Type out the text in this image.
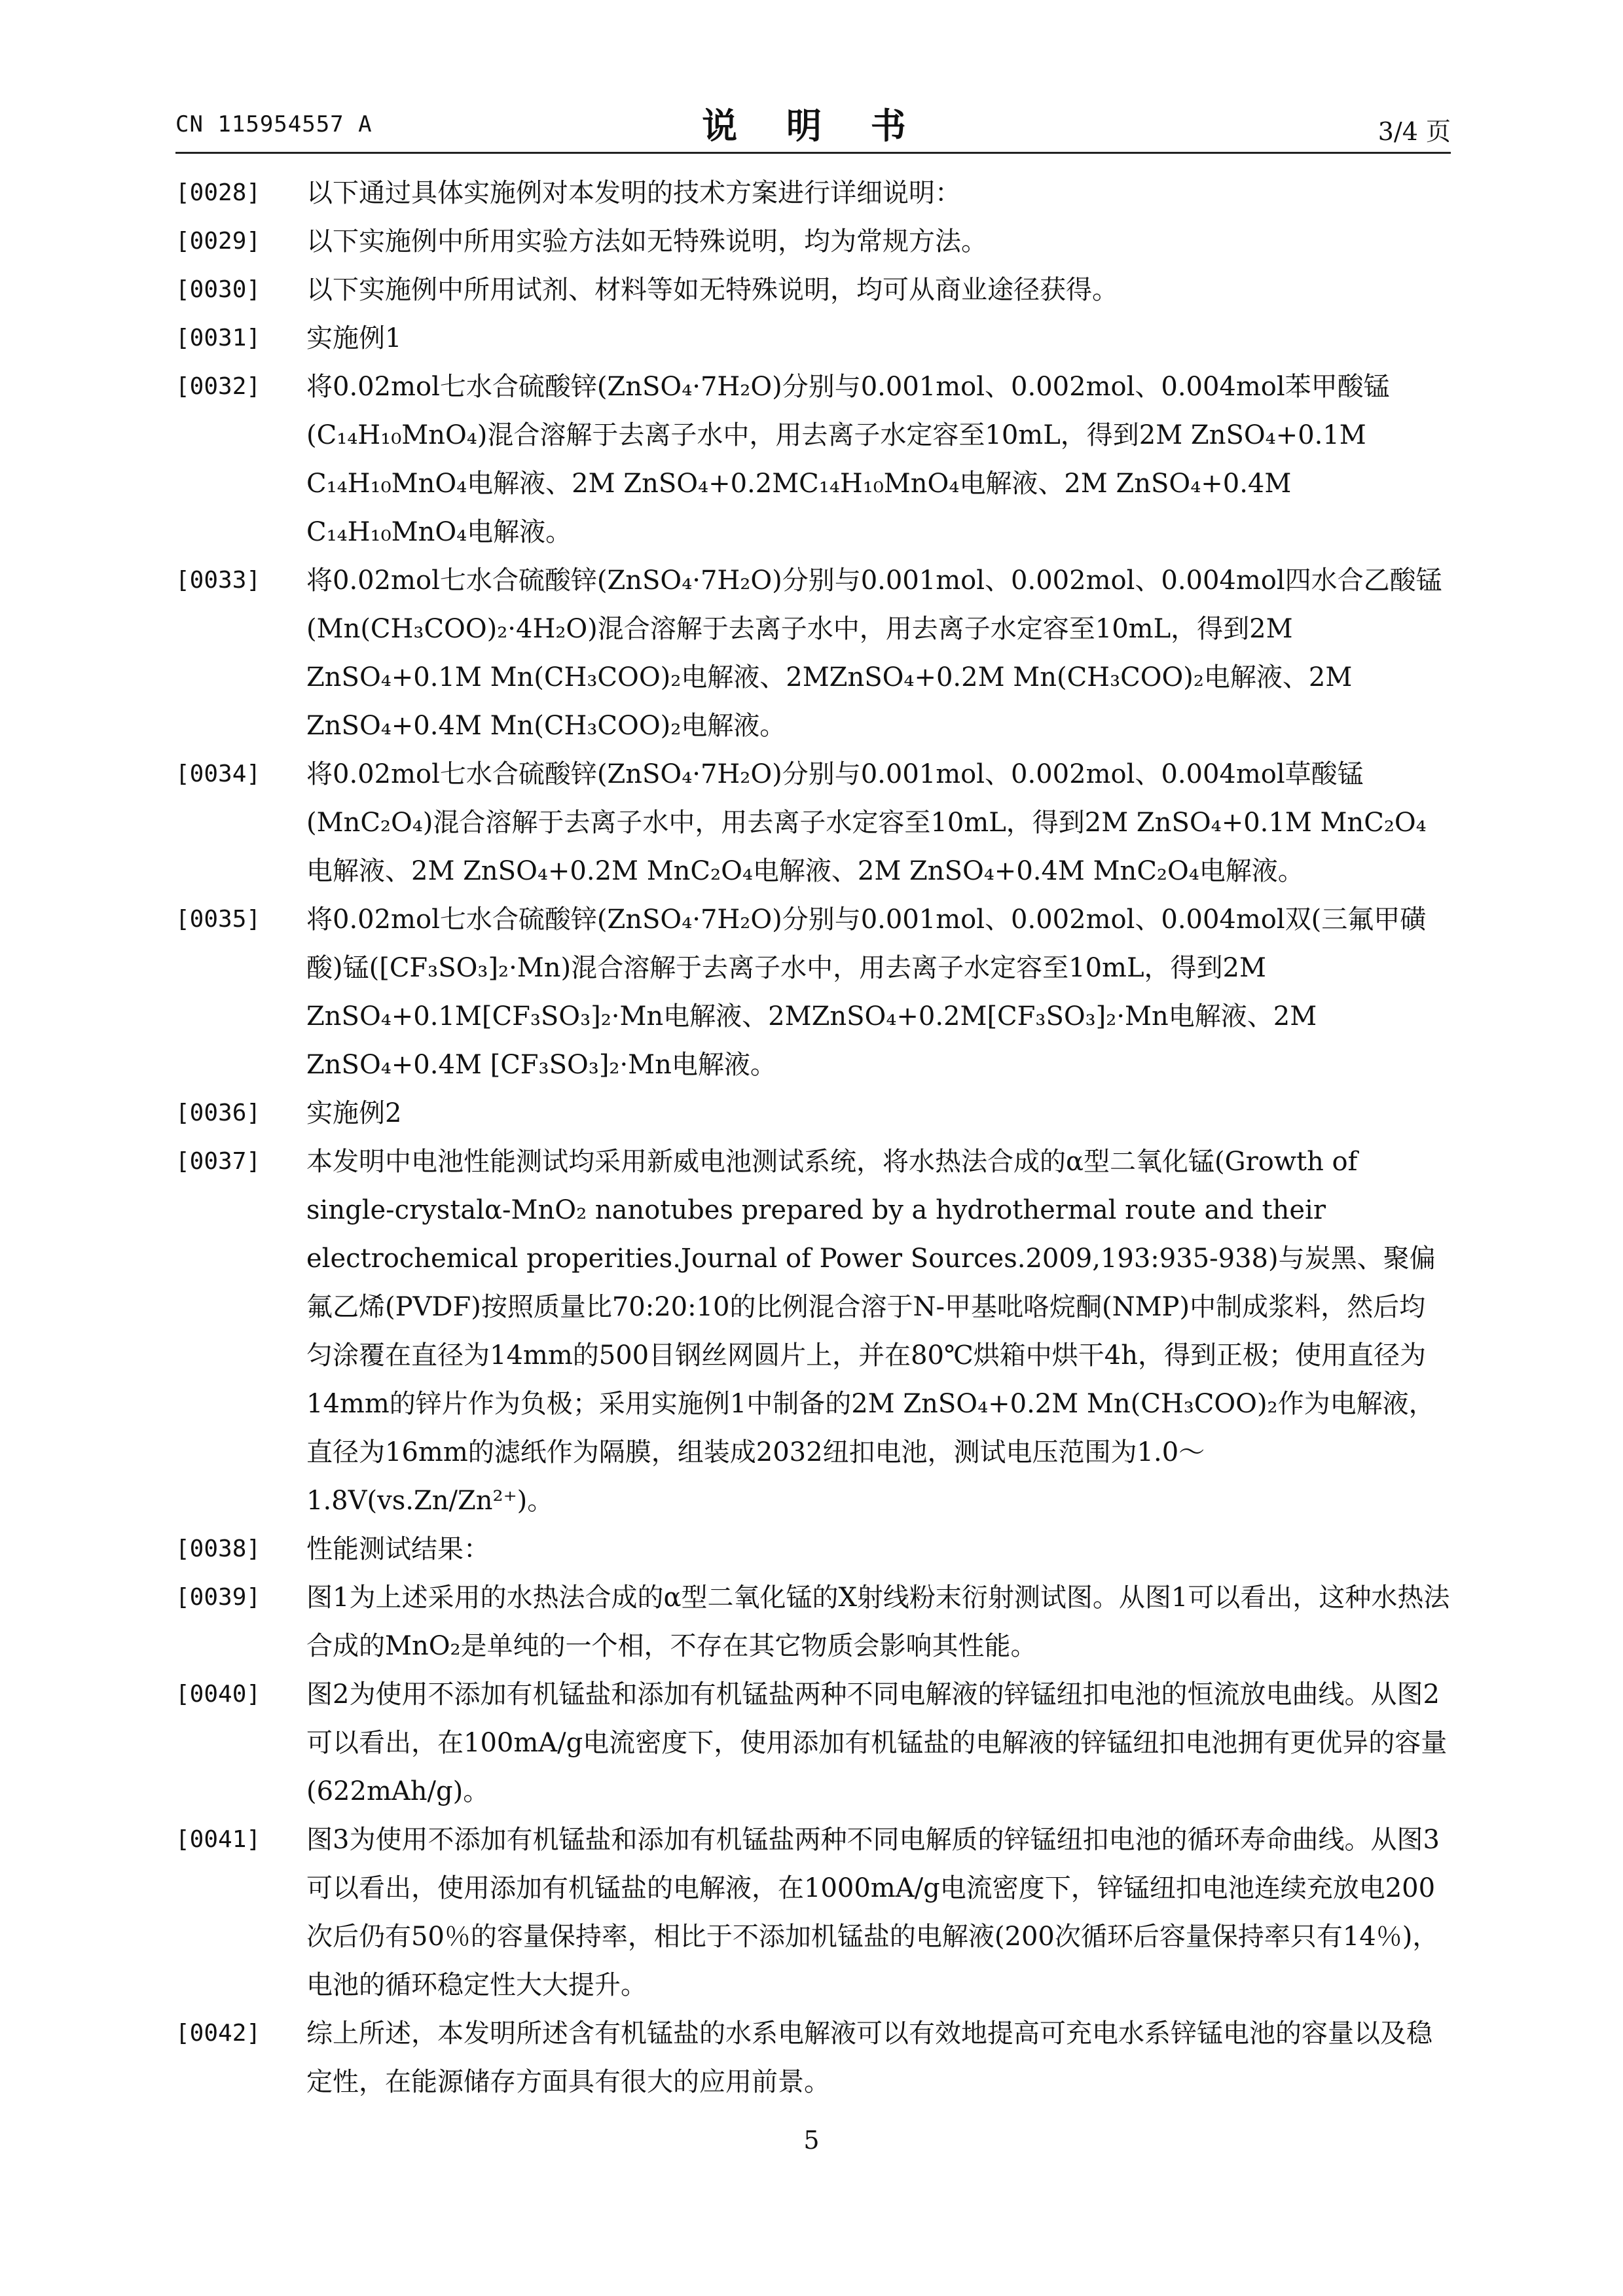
CN 115954557 A	说 明 书	3/4 页
[0028]	以下通过具体实施例对本发明的技术方案进行详细说明：
[0029]	以下实施例中所用实验方法如无特殊说明，均为常规方法。
[0030]	以下实施例中所用试剂、材料等如无特殊说明，均可从商业途径获得。
[0031]	实施例1
[0032]	将0.02mol七水合硫酸锌(ZnSO₄·7H₂O)分别与0.001mol、0.002mol、0.004mol苯甲酸锰(C₁₄H₁₀MnO₄)混合溶解于去离子水中，用去离子水定容至10mL，得到2M ZnSO₄+0.1M C₁₄H₁₀MnO₄电解液、2M ZnSO₄+0.2MC₁₄H₁₀MnO₄电解液、2M ZnSO₄+0.4M C₁₄H₁₀MnO₄电解液。
[0033]	将0.02mol七水合硫酸锌(ZnSO₄·7H₂O)分别与0.001mol、0.002mol、0.004mol四水合乙酸锰(Mn(CH₃COO)₂·4H₂O)混合溶解于去离子水中，用去离子水定容至10mL，得到2M ZnSO₄+0.1M Mn(CH₃COO)₂电解液、2MZnSO₄+0.2M Mn(CH₃COO)₂电解液、2M ZnSO₄+0.4M Mn(CH₃COO)₂电解液。
[0034]	将0.02mol七水合硫酸锌(ZnSO₄·7H₂O)分别与0.001mol、0.002mol、0.004mol草酸锰(MnC₂O₄)混合溶解于去离子水中，用去离子水定容至10mL，得到2M ZnSO₄+0.1M MnC₂O₄电解液、2M ZnSO₄+0.2M MnC₂O₄电解液、2M ZnSO₄+0.4M MnC₂O₄电解液。
[0035]	将0.02mol七水合硫酸锌(ZnSO₄·7H₂O)分别与0.001mol、0.002mol、0.004mol双(三氟甲磺酸)锰([CF₃SO₃]₂·Mn)混合溶解于去离子水中，用去离子水定容至10mL，得到2M ZnSO₄+0.1M[CF₃SO₃]₂·Mn电解液、2MZnSO₄+0.2M[CF₃SO₃]₂·Mn电解液、2M ZnSO₄+0.4M [CF₃SO₃]₂·Mn电解液。
[0036]	实施例2
[0037]	本发明中电池性能测试均采用新威电池测试系统，将水热法合成的α型二氧化锰(Growth of single-crystalα-MnO₂ nanotubes prepared by a hydrothermal route and their electrochemical properities.Journal of Power Sources.2009,193:935-938)与炭黑、聚偏氟乙烯(PVDF)按照质量比70:20:10的比例混合溶于N-甲基吡咯烷酮(NMP)中制成浆料，然后均匀涂覆在直径为14mm的500目钢丝网圆片上，并在80℃烘箱中烘干4h，得到正极；使用直径为14mm的锌片作为负极；采用实施例1中制备的2M ZnSO₄+0.2M Mn(CH₃COO)₂作为电解液，直径为16mm的滤纸作为隔膜，组装成2032纽扣电池，测试电压范围为1.0～1.8V(vs.Zn/Zn²⁺)。
[0038]	性能测试结果：
[0039]	图1为上述采用的水热法合成的α型二氧化锰的X射线粉末衍射测试图。从图1可以看出，这种水热法合成的MnO₂是单纯的一个相，不存在其它物质会影响其性能。
[0040]	图2为使用不添加有机锰盐和添加有机锰盐两种不同电解液的锌锰纽扣电池的恒流放电曲线。从图2可以看出，在100mA/g电流密度下，使用添加有机锰盐的电解液的锌锰纽扣电池拥有更优异的容量(622mAh/g)。
[0041]	图3为使用不添加有机锰盐和添加有机锰盐两种不同电解质的锌锰纽扣电池的循环寿命曲线。从图3可以看出，使用添加有机锰盐的电解液，在1000mA/g电流密度下，锌锰纽扣电池连续充放电200次后仍有50％的容量保持率，相比于不添加机锰盐的电解液(200次循环后容量保持率只有14％)，电池的循环稳定性大大提升。
[0042]	综上所述，本发明所述含有机锰盐的水系电解液可以有效地提高可充电水系锌锰电池的容量以及稳定性，在能源储存方面具有很大的应用前景。
5
